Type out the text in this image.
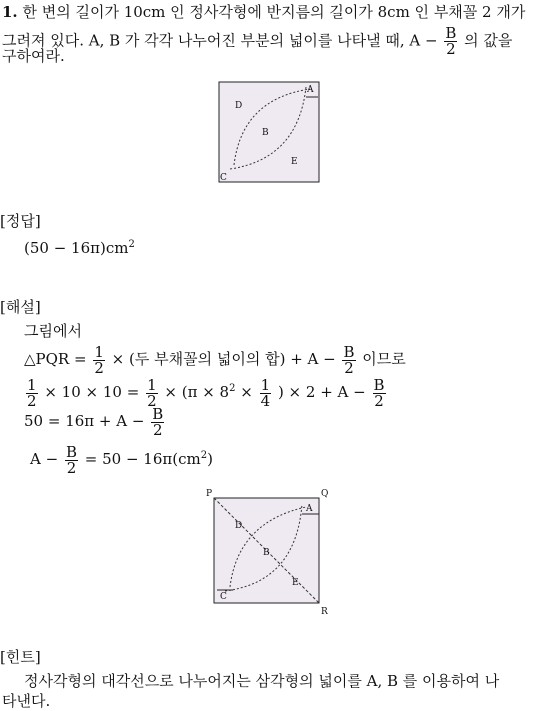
1. 한 변의 길이가 10cm 인 정사각형에 반지름의 길이가 8cm 인 부채꼴 2 개가
그려져 있다. A, B 가 각각 나누어진 부분의 넓이를 나타낼 때, $A - \frac{B}{2}$ 의 값을
구하여라.
D
A
B
E
C
[정답]
$(50 - 16\pi)cm^2$
[해설]
그림에서
△PQR = $\frac{1}{2}$ × (두 부채꼴의 넓이의 합) + $A - \frac{B}{2}$ 이므로
$\frac{1}{2} \times 10 \times 10 = \frac{1}{2} \times (\pi \times 8^2 \times \frac{1}{4}$ ) × $2 + A - \frac{B}{2}$
$50 = 16\pi + A - \frac{B}{2}$
$A - \frac{B}{2} = 50 - 16\pi(cm^2)$
P	Q
R
A
D
B
E
C
[힌트]
정사각형의 대각선으로 나누어지는 삼각형의 넓이를 A, B 를 이용하여 나
타낸다.
